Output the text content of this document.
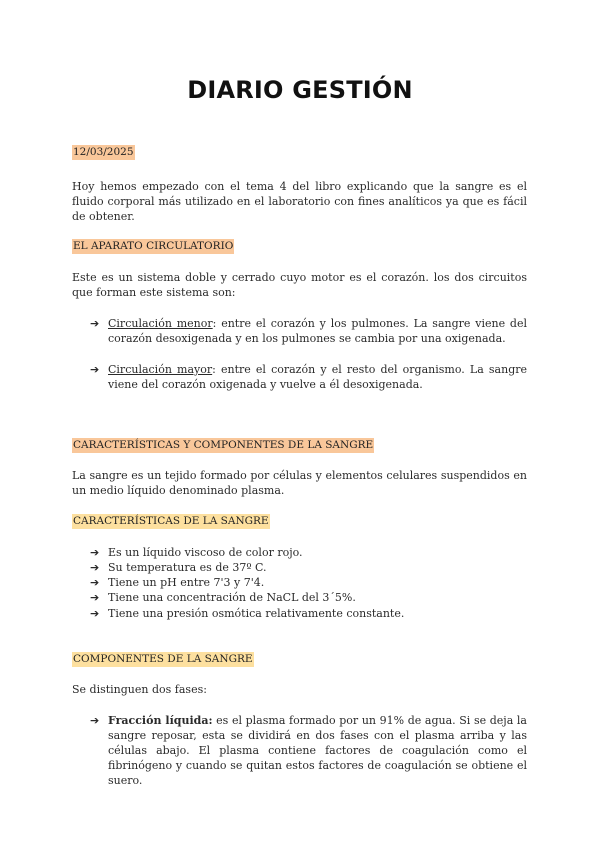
DIARIO GESTIÓN
12/03/2025
Hoy hemos empezado con el tema 4 del libro explicando que la sangre es el fluido corporal más utilizado en el laboratorio con fines analíticos ya que es fácil de obtener.
EL APARATO CIRCULATORIO
Este es un sistema doble y cerrado cuyo motor es el corazón. los dos circuitos que forman este sistema son:
➔ Circulación menor: entre el corazón y los pulmones. La sangre viene del corazón desoxigenada y en los pulmones se cambia por una oxigenada.
➔ Circulación mayor: entre el corazón y el resto del organismo. La sangre viene del corazón oxigenada y vuelve a él desoxigenada.
CARACTERÍSTICAS Y COMPONENTES DE LA SANGRE
La sangre es un tejido formado por células y elementos celulares suspendidos en un medio líquido denominado plasma.
CARACTERÍSTICAS DE LA SANGRE
➔ Es un líquido viscoso de color rojo.
➔ Su temperatura es de 37º C.
➔ Tiene un pH entre 7'3 y 7'4.
➔ Tiene una concentración de NaCL del 3´5%.
➔ Tiene una presión osmótica relativamente constante.
COMPONENTES DE LA SANGRE
Se distinguen dos fases:
➔ Fracción líquida: es el plasma formado por un 91% de agua. Si se deja la sangre reposar, esta se dividirá en dos fases con el plasma arriba y las células abajo. El plasma contiene factores de coagulación como el fibrinógeno y cuando se quitan estos factores de coagulación se obtiene el suero.
